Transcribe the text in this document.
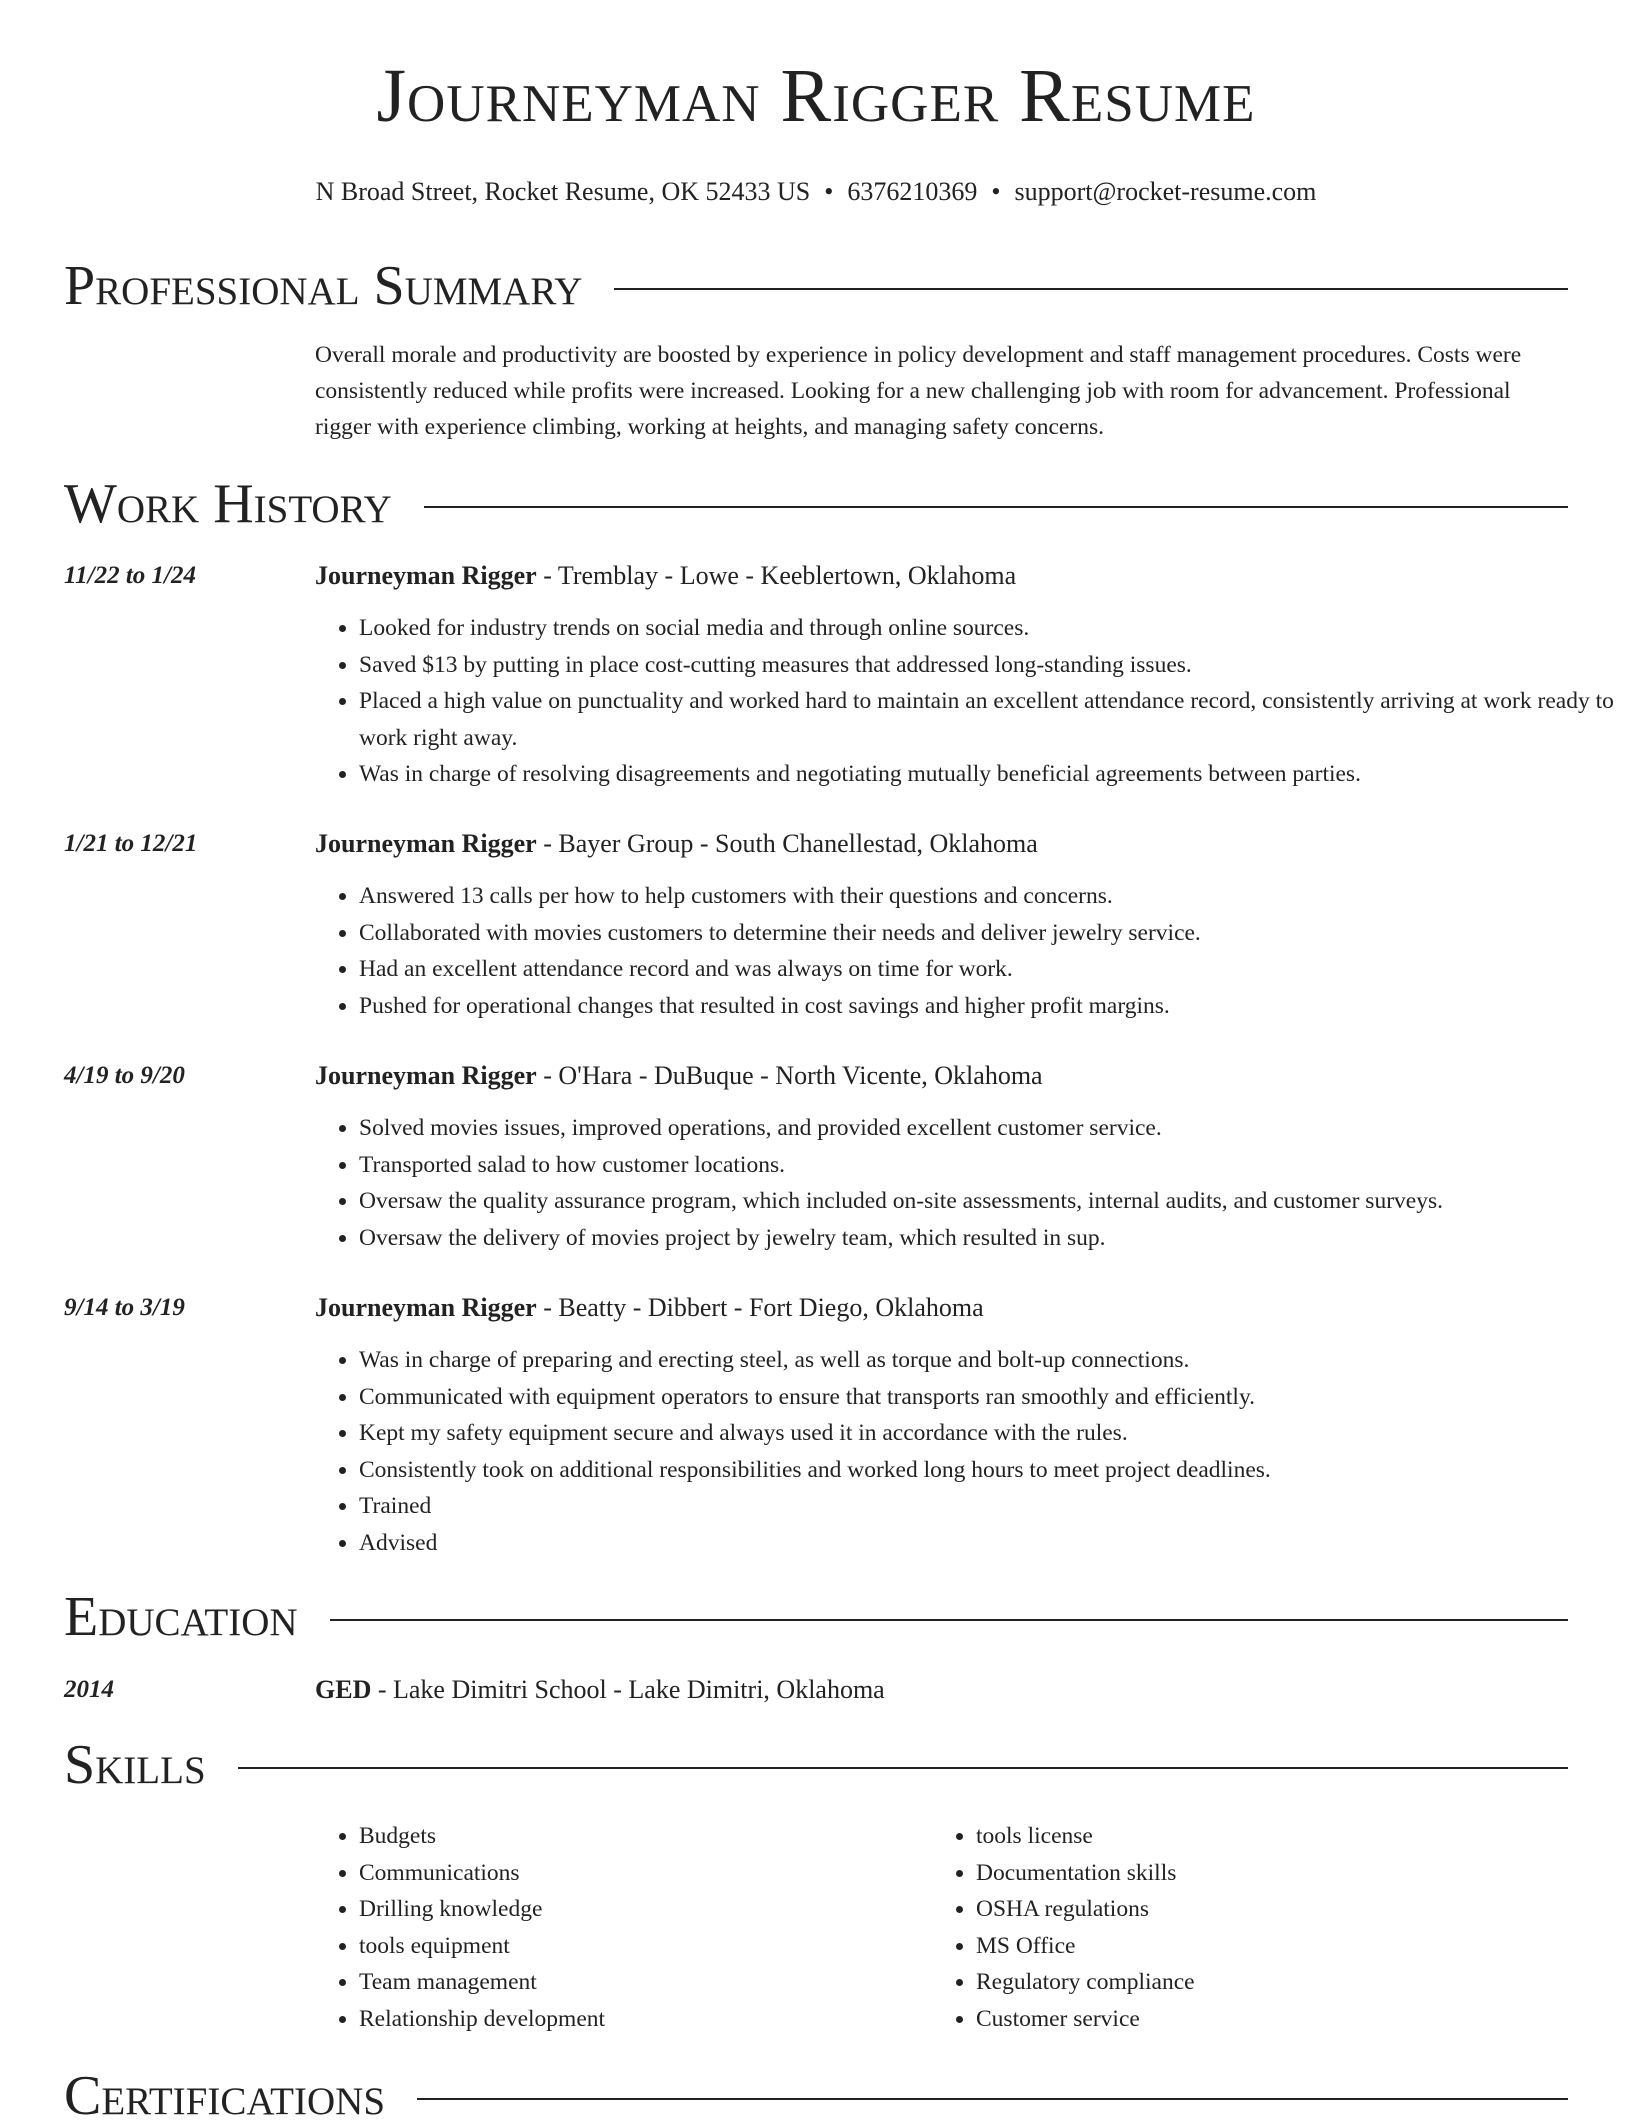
Journeyman Rigger Resume
N Broad Street, Rocket Resume, OK 52433 US • 6376210369 • support@rocket-resume.com
Professional Summary

Overall morale and productivity are boosted by experience in policy development and staff management procedures. Costs were consistently reduced while profits were increased. Looking for a new challenging job with room for advancement. Professional rigger with experience climbing, working at heights, and managing safety concerns.

Work History
11/22 to 1/24	Journeyman Rigger - Tremblay - Lowe - Keeblertown, Oklahoma
• Looked for industry trends on social media and through online sources.
• Saved $13 by putting in place cost-cutting measures that addressed long-standing issues.
• Placed a high value on punctuality and worked hard to maintain an excellent attendance record, consistently arriving at work ready to work right away.
• Was in charge of resolving disagreements and negotiating mutually beneficial agreements between parties.
1/21 to 12/21	Journeyman Rigger - Bayer Group - South Chanellestad, Oklahoma
• Answered 13 calls per how to help customers with their questions and concerns.
• Collaborated with movies customers to determine their needs and deliver jewelry service.
• Had an excellent attendance record and was always on time for work.
• Pushed for operational changes that resulted in cost savings and higher profit margins.
4/19 to 9/20	Journeyman Rigger - O'Hara - DuBuque - North Vicente, Oklahoma
• Solved movies issues, improved operations, and provided excellent customer service.
• Transported salad to how customer locations.
• Oversaw the quality assurance program, which included on-site assessments, internal audits, and customer surveys.
• Oversaw the delivery of movies project by jewelry team, which resulted in sup.
9/14 to 3/19	Journeyman Rigger - Beatty - Dibbert - Fort Diego, Oklahoma
• Was in charge of preparing and erecting steel, as well as torque and bolt-up connections.
• Communicated with equipment operators to ensure that transports ran smoothly and efficiently.
• Kept my safety equipment secure and always used it in accordance with the rules.
• Consistently took on additional responsibilities and worked long hours to meet project deadlines.
• Trained
• Advised
Education
2014	GED - Lake Dimitri School - Lake Dimitri, Oklahoma
Skills
• Budgets
• Communications
• Drilling knowledge
• tools equipment
• Team management
• Relationship development
• tools license
• Documentation skills
• OSHA regulations
• MS Office
• Regulatory compliance
• Customer service
Certifications
